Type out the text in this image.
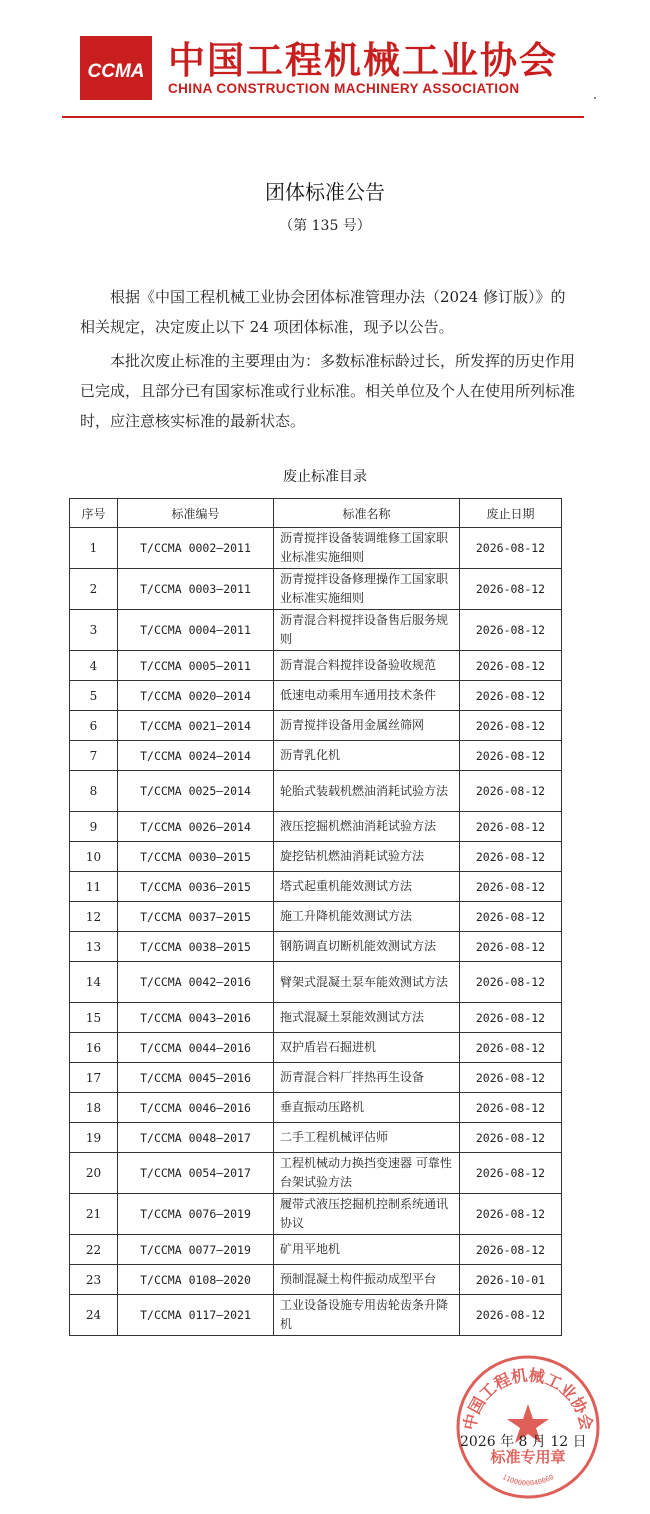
CCMA 中国工程机械工业协会
CHINA CONSTRUCTION MACHINERY ASSOCIATION
团体标准公告
（第 135 号）
根据《中国工程机械工业协会团体标准管理办法（2024 修订版）》的相关规定，决定废止以下 24 项团体标准，现予以公告。
本批次废止标准的主要理由为：多数标准标龄过长，所发挥的历史作用已完成，且部分已有国家标准或行业标准。相关单位及个人在使用所列标准时，应注意核实标准的最新状态。
废止标准目录
序号	标准编号	标准名称	废止日期
1	T/CCMA 0002—2011	沥青搅拌设备装调维修工国家职业标准实施细则	2026-08-12
2	T/CCMA 0003—2011	沥青搅拌设备修理操作工国家职业标准实施细则	2026-08-12
3	T/CCMA 0004—2011	沥青混合料搅拌设备售后服务规则	2026-08-12
4	T/CCMA 0005—2011	沥青混合料搅拌设备验收规范	2026-08-12
5	T/CCMA 0020—2014	低速电动乘用车通用技术条件	2026-08-12
6	T/CCMA 0021—2014	沥青搅拌设备用金属丝筛网	2026-08-12
7	T/CCMA 0024—2014	沥青乳化机	2026-08-12
8	T/CCMA 0025—2014	轮胎式装载机燃油消耗试验方法	2026-08-12
9	T/CCMA 0026—2014	液压挖掘机燃油消耗试验方法	2026-08-12
10	T/CCMA 0030—2015	旋挖钻机燃油消耗试验方法	2026-08-12
11	T/CCMA 0036—2015	塔式起重机能效测试方法	2026-08-12
12	T/CCMA 0037—2015	施工升降机能效测试方法	2026-08-12
13	T/CCMA 0038—2015	钢筋调直切断机能效测试方法	2026-08-12
14	T/CCMA 0042—2016	臂架式混凝土泵车能效测试方法	2026-08-12
15	T/CCMA 0043—2016	拖式混凝土泵能效测试方法	2026-08-12
16	T/CCMA 0044—2016	双护盾岩石掘进机	2026-08-12
17	T/CCMA 0045—2016	沥青混合料厂拌热再生设备	2026-08-12
18	T/CCMA 0046—2016	垂直振动压路机	2026-08-12
19	T/CCMA 0048—2017	二手工程机械评估师	2026-08-12
20	T/CCMA 0054—2017	工程机械动力换挡变速器 可靠性台架试验方法	2026-08-12
21	T/CCMA 0076—2019	履带式液压挖掘机控制系统通讯协议	2026-08-12
22	T/CCMA 0077—2019	矿用平地机	2026-08-12
23	T/CCMA 0108—2020	预制混凝土构件振动成型平台	2026-10-01
24	T/CCMA 0117—2021	工业设备设施专用齿轮齿条升降机	2026-08-12
中国工程机械工业协会
标准专用章
1100000040060
2026 年 8 月 12 日
